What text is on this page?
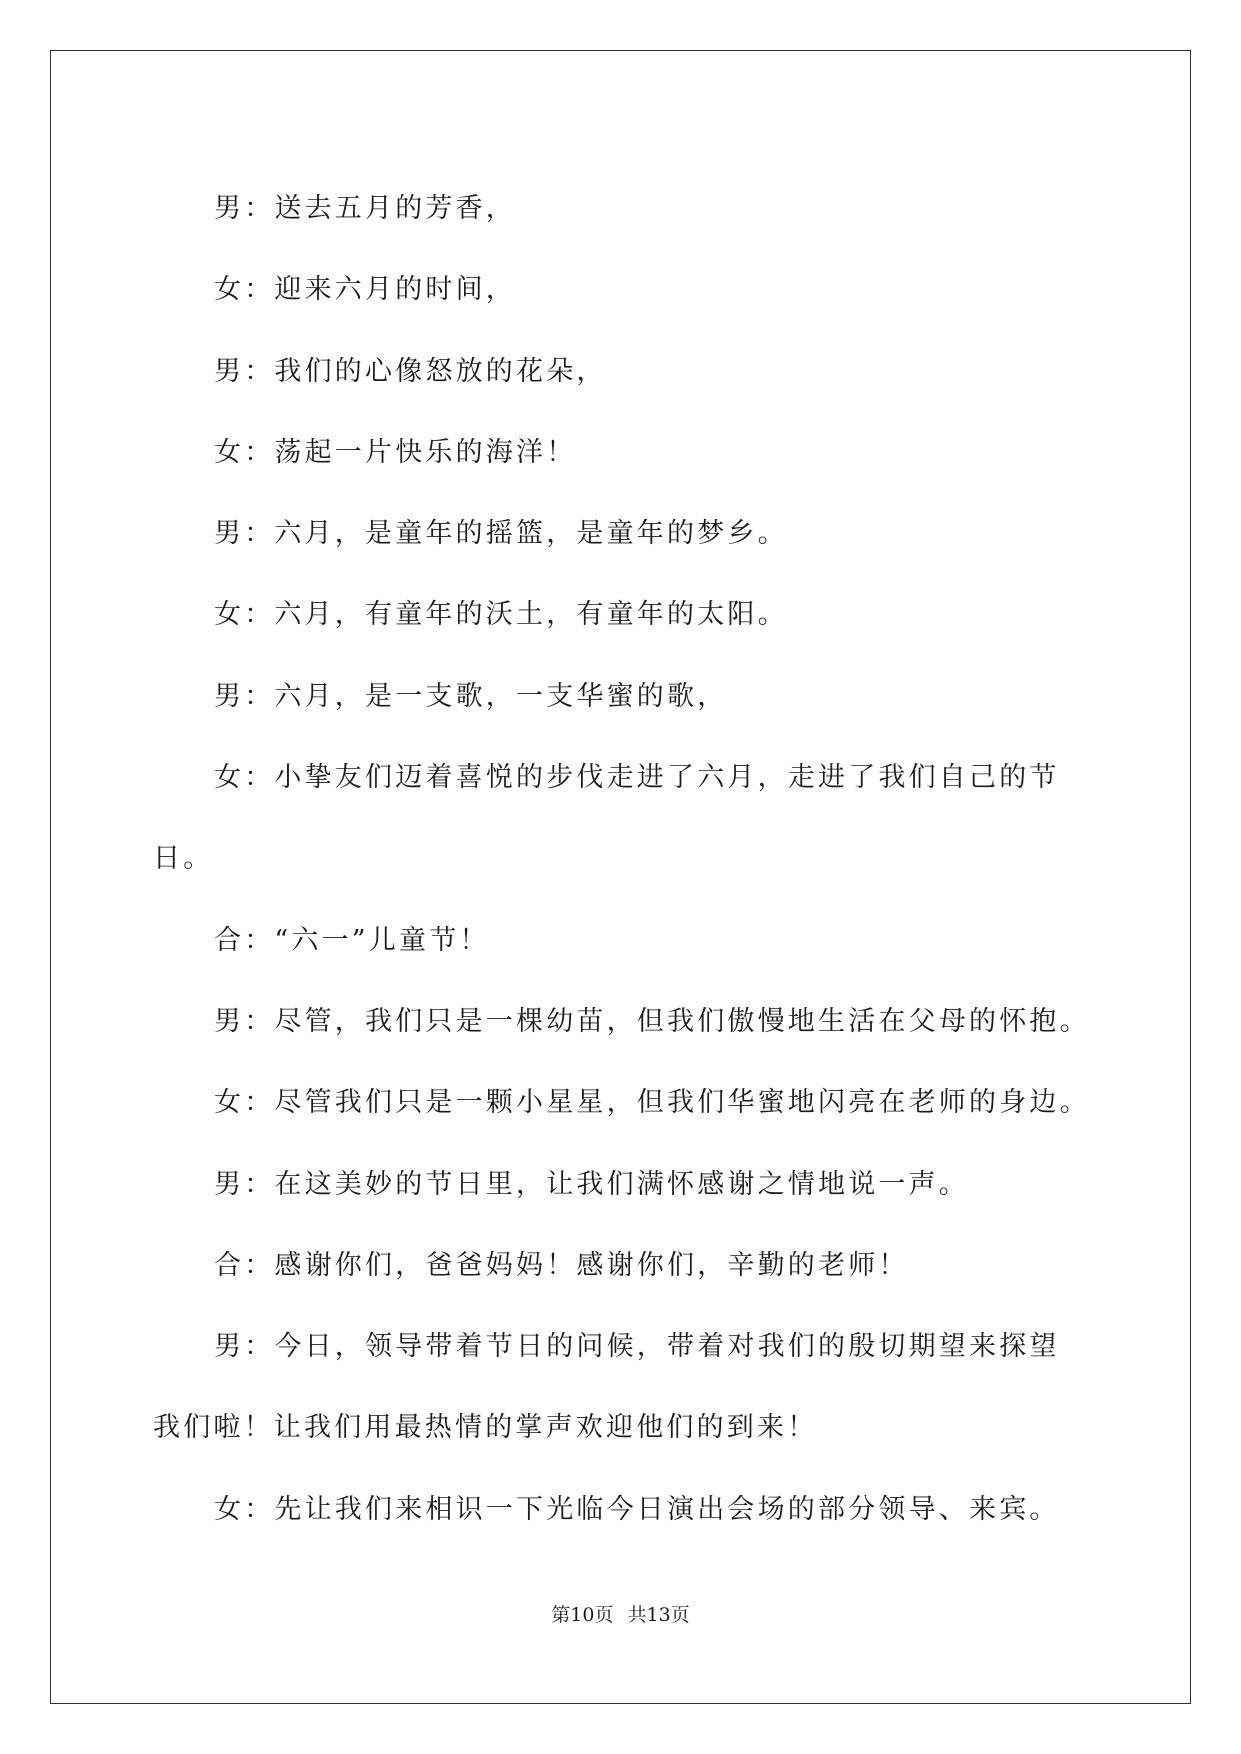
男：送去五月的芳香，
女：迎来六月的时间，
男：我们的心像怒放的花朵，
女：荡起一片快乐的海洋！
男：六月，是童年的摇篮，是童年的梦乡。
女：六月，有童年的沃土，有童年的太阳。
男：六月，是一支歌，一支华蜜的歌，
女：小挚友们迈着喜悦的步伐走进了六月，走进了我们自己的节
日。
合：“六一”儿童节！
男：尽管，我们只是一棵幼苗，但我们傲慢地生活在父母的怀抱。
女：尽管我们只是一颗小星星，但我们华蜜地闪亮在老师的身边。
男：在这美妙的节日里，让我们满怀感谢之情地说一声。
合：感谢你们，爸爸妈妈！感谢你们，辛勤的老师！
男：今日，领导带着节日的问候，带着对我们的殷切期望来探望
我们啦！让我们用最热情的掌声欢迎他们的到来！
女：先让我们来相识一下光临今日演出会场的部分领导、来宾。
第10页 共13页
